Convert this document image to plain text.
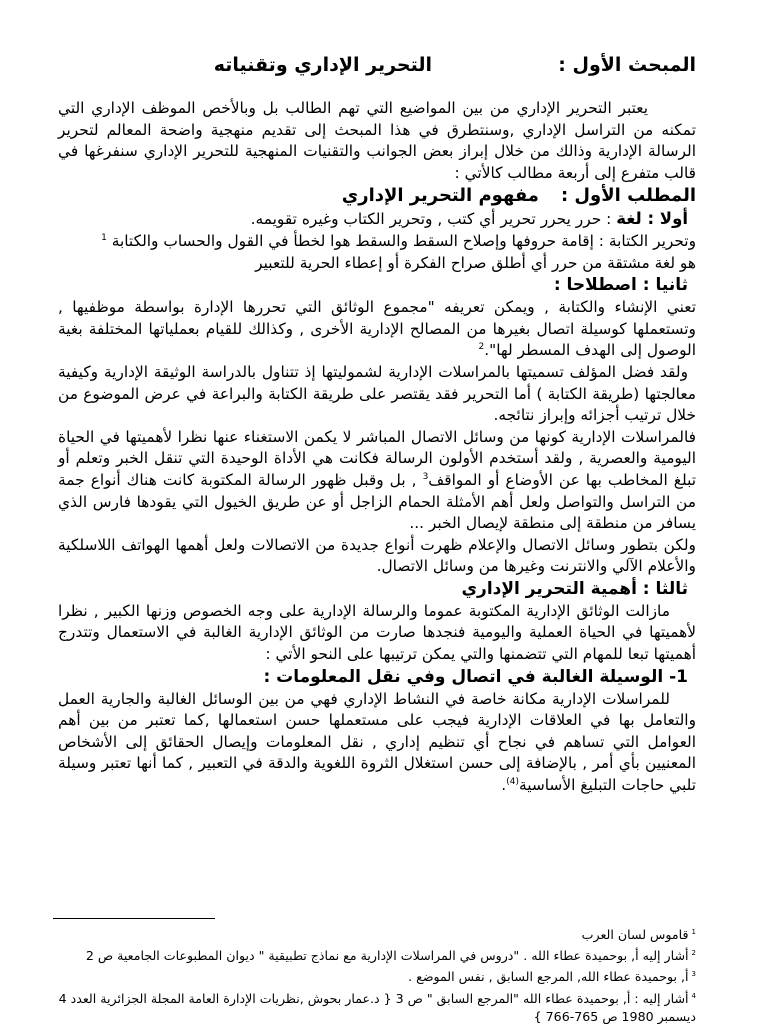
المبحث الأول :
التحرير الإداري وتقنياته

يعتبر التحرير الإداري من بين المواضيع التي تهم الطالب بل وبالأخص الموظف الإداري التي تمكنه من التراسل الإداري ,وسنتطرق في هذا المبحث إلى تقديم منهجية واضحة المعالم لتحرير الرسالة الإدارية وذالك من خلال إبراز بعض الجوانب والتقنيات المنهجية للتحرير الإداري سنفرغها في قالب متفرع إلى أربعة مطالب كالأتي :

المطلب الأول :مفهوم التحرير الإداري

أولا : لغة : حرر يحرر تحرير أي كتب , وتحرير الكتاب وغيره تقويمه.

وتحرير الكتابة : إقامة حروفها وإصلاح السقط والسقط هوا لخطأ في القول والحساب والكتابة $^1$

هو لغة مشتقة من حرر أي أطلق صراح الفكرة أو إعطاء الحرية للتعبير

ثانيا : اصطلاحا :

تعني الإنشاء والكتابة , ويمكن تعريفه "مجموع الوثائق التي تحررها الإدارة بواسطة موظفيها , وتستعملها كوسيلة اتصال بغيرها من المصالح الإدارية الأخرى , وكذالك للقيام بعملياتها المختلفة بغية الوصول إلى الهدف المسطر لها".$^2$

ولقد فضل المؤلف تسميتها بالمراسلات الإدارية لشموليتها إذ تتناول بالدراسة الوثيقة الإدارية وكيفية معالجتها (طريقة الكتابة ) أما التحرير فقد يقتصر على طريقة الكتابة والبراعة في عرض الموضوع من خلال ترتيب أجزائه وإبراز نتائجه.

فالمراسلات الإدارية كونها من وسائل الاتصال المباشر لا يكمن الاستغناء عنها نظرا لأهميتها في الحياة اليومية والعصرية , ولقد أستخدم الأولون الرسالة فكانت هي الأداة الوحيدة التي تنقل الخبر وتعلم أو تبلغ المخاطب بها عن الأوضاع أو المواقف$^3$ , بل وقبل ظهور الرسالة المكتوبة كانت هناك أنواع جمة من التراسل والتواصل ولعل أهم الأمثلة الحمام الزاجل أو عن طريق الخيول التي يقودها فارس الذي يسافر من منطقة إلى منطقة لإيصال الخبر ...

ولكن بتطور وسائل الاتصال والإعلام ظهرت أنواع جديدة من الاتصالات ولعل أهمها الهواتف اللاسلكية والأعلام الآلي والانترنت وغيرها من وسائل الاتصال.

ثالثا : أهمية التحرير الإداري

مازالت الوثائق الإدارية المكتوبة عموما والرسالة الإدارية على وجه الخصوص وزنها الكبير , نظرا لأهميتها في الحياة العملية واليومية فنجدها صارت من الوثائق الإدارية الغالبة في الاستعمال وتتدرج أهميتها تبعا للمهام التي تتضمنها والتي يمكن ترتيبها على النحو الأتي :

1- الوسيلة الغالبة في اتصال وفي نقل المعلومات :

للمراسلات الإدارية مكانة خاصة في النشاط الإداري فهي من بين الوسائل الغالبة والجارية العمل والتعامل بها في العلاقات الإدارية فيجب على مستعملها حسن استعمالها ,كما تعتبر من بين أهم العوامل التي تساهم في نجاح أي تنظيم إداري , نقل المعلومات وإيصال الحقائق إلى الأشخاص المعنيين بأي أمر , بالإضافة إلى حسن استغلال الثروة اللغوية والدقة في التعبير , كما أنها تعتبر وسيلة تلبي حاجات التبليغ الأساسية$^{(4)}$.

$^1$قاموس لسان العرب

$^2$أشار إليه أ, بوحميدة عطاء الله . "دروس في المراسلات الإدارية مع نماذج تطبيقية " ديوان المطبوعات الجامعية ص 2

$^3$أ, بوحميدة عطاء الله, المرجع السابق , نفس الموضع .

$^4$أشار إليه : أ, بوحميدة عطاء الله "المرجع السابق " ص 3 { د.عمار بحوش ,نظريات الإدارة العامة المجلة الجزائرية العدد 4 ديسمبر 1980 ص 765-766 }
